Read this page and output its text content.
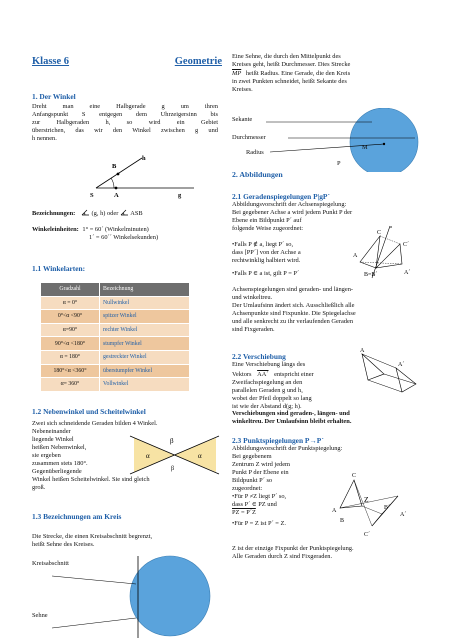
Klasse 6	Geometrie
1. Der Winkel
Dreht man eine Halbgerade g um ihren
Anfangspunkt S entgegen dem Uhrzeigersinn bis
zur Halbgeraden h, so wird ein Gebiet
überstrichen, das wir den Winkel zwischen g und
h nennen.
B
h
S	A	g
Bezeichnungen:	(g, h) oder ASB
Winkeleinheiten: 1° = 60´ (Winkelminuten)
1´ = 60´´ Winkelsekunden)
1.1 Winkelarten:
Gradzahl	Bezeichnung
α = 0°	Nullwinkel
0°<α <90°	spitzer Winkel
α=90°	rechter Winkel
90°<α <180°	stumpfer Winkel
α = 180°	gestreckter Winkel
180°<α <360°	überstumpfer Winkel
α= 360°	Vollwinkel
1.2 Nebenwinkel und Scheitelwinkel
Zwei sich schneidende Geraden bilden 4 Winkel.
Nebeneinander
liegende Winkel
heißen Nebenwinkel,
sie ergeben
zusammen stets 180°.
Gegenüberliegende
Winkel heißen Scheitelwinkel. Sie sind gleich
groß.
α	α
β
β
1.3 Bezeichnungen am Kreis
Die Strecke, die einen Kreisabschnitt begrenzt,
heißt Sehne des Kreises.
Kreisabschnitt
Sehne
Eine Sehne, die durch den Mittelpunkt des
Kreises geht, heißt Durchmesser. Dies Strecke
$\overline{MP}$ heißt Radius. Eine Gerade, die den Kreis
in zwei Punkten schneidet, heißt Sekante des
Kreises.
Sekante
Durchmesser
Radius
M
P
2. Abbildungen
2.1 Geradenspiegelungen P|gP´
Abbildungsvorschrift der Achsenspiegelung:
Bei gegebener Achse a wird jedem Punkt P der
Ebene ein Bildpunkt P´ auf
folgende Weise zugeordnet:
•Falls P ∉ a, liegt P´ so,
dass [PP´] von der Achse a
rechtwinklig halbiert wird.
•Falls P ∈ a ist, gilt P = P´
C
C´
A
A´
B=B´
a
Achsenspiegelungen sind geraden- und längen-
und winkeltreu.
Der Umlaufsinn ändert sich. Ausschließlich alle
Achsenpunkte sind Fixpunkte. Die Spiegelachse
und alle senkrecht zu ihr verlaufenden Geraden
sind Fixgeraden.
2.2 Verschiebung
Eine Verschiebung längs des
Vektors AA´ entspricht einer
Zweifachspiegelung an den
parallelen Geraden g und h,
wobei der Pfeil doppelt so lang
ist wie der Abstand d(g; h).
A
A´
Verschiebungen sind geraden-, längen- und
winkeltreu. Der Umlaufsinn bleibt erhalten.
2.3 Punktspiegelungen P→P´
Abbildungsvorschrift der Punktspiegelung:
Bei gegebenem
Zentrum Z wird jedem
Punkt P der Ebene ein
Bildpunkt P´ so
zugeordnet:
•Für P ≠Z liegt P´ so,
dass P´ ∈ PZ und
PZ = P´Z
•Für P = Z ist P´ = Z.
C
Z
B´
A
A´
B
C´
Z ist der einzige Fixpunkt der Punktspiegelung.
Alle Geraden durch Z sind Fixgeraden.
